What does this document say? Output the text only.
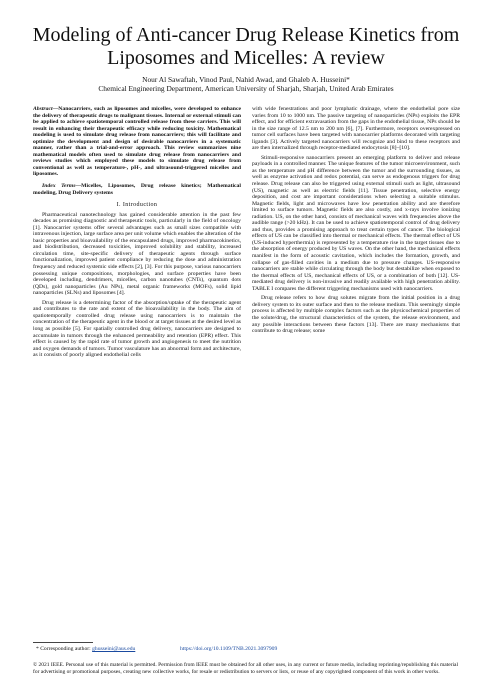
Modeling of Anti-cancer Drug Release Kinetics from Liposomes and Micelles: A review
Nour Al Sawaftah, Vinod Paul, Nahid Awad, and Ghaleb A. Husseini*
Chemical Engineering Department, American University of Sharjah, Sharjah, United Arab Emirates

Abstract—Nanocarriers, such as liposomes and micelles, were developed to enhance the delivery of therapeutic drugs to malignant tissues. Internal or external stimuli can be applied to achieve spatiotemporal controlled release from these carriers. This will result in enhancing their therapeutic efficacy while reducing toxicity. Mathematical modeling is used to simulate drug release from nanocarriers; this will facilitate and optimize the development and design of desirable nanocarriers in a systematic manner, rather than a trial-and-error approach. This review summarizes nine mathematical models often used to simulate drug release from nanocarriers and reviews studies which employed these models to simulate drug release from conventional as well as temperature-, pH-, and ultrasound-triggered micelles and liposomes.

Index Terms—Micelles, Liposomes, Drug release kinetics; Mathematical modeling, Drug Delivery systems

I. Introduction

Pharmaceutical nanotechnology has gained considerable attention in the past few decades as promising diagnostic and therapeutic tools, particularly in the field of oncology [1]. Nanocarrier systems offer several advantages such as small sizes compatible with intravenous injection, large surface area per unit volume which enables the alteration of the basic properties and bioavailability of the encapsulated drugs, improved pharmacokinetics, and biodistribution, decreased toxicities, improved solubility and stability, increased circulation time, site-specific delivery of therapeutic agents through surface functionalization, improved patient compliance by reducing the dose and administration frequency and reduced systemic side effects [2], [3]. For this purpose, various nanocarriers possessing unique compositions, morphologies, and surface properties have been developed including, dendrimers, micelles, carbon nanotubes (CNTs), quantum dots (QDs), gold nanoparticles (Au NPs), metal organic frameworks (MOFs), solid lipid nanoparticles (SLNs) and liposomes [4].

Drug release is a determining factor of the absorption/uptake of the therapeutic agent and contributes to the rate and extent of the bioavailability in the body. The aim of spatiotemporally controlled drug release using nanocarriers is to maintain the concentration of the therapeutic agent in the blood or at target tissues at the desired level as long as possible [5]. For spatially controlled drug delivery, nanocarriers are designed to accumulate in tumors through the enhanced permeability and retention (EPR) effect. This effect is caused by the rapid rate of tumor growth and angiogenesis to meet the nutrition and oxygen demands of tumors. Tumor vasculature has an abnormal form and architecture, as it consists of poorly aligned endothelial cells

with wide fenestrations and poor lymphatic drainage, where the endothelial pore size varies from 10 to 1000 nm. The passive targeting of nanoparticles (NPs) exploits the EPR effect, and for efficient extravasation from the gaps in the endothelial tissue, NPs should be in the size range of 12.5 nm to 200 nm [6], [7]. Furthermore, receptors overexpressed on tumor cell surfaces have been targeted with nanocarrier platforms decorated with targeting ligands [3]. Actively targeted nanocarriers will recognize and bind to these receptors and are then internalized through receptor-mediated endocytosis [8]–[10].

Stimuli-responsive nanocarriers present an emerging platform to deliver and release payloads in a controlled manner. The unique features of the tumor microenvironment, such as the temperature and pH difference between the tumor and the surrounding tissues, as well as enzyme activation and redox potential, can serve as endogenous triggers for drug release. Drug release can also be triggered using external stimuli such as light, ultrasound (US), magnetic as well as electric fields [11]. Tissue penetration, selective energy deposition, and cost are important considerations when selecting a suitable stimulus. Magnetic fields, light and microwaves have low penetration ability and are therefore limited to surface tumors. Magnetic fields are also costly, and x-rays involve ionizing radiation. US, on the other hand, consists of mechanical waves with frequencies above the audible range (>20 kHz). It can be used to achieve spatiotemporal control of drug delivery and thus, provides a promising approach to treat certain types of cancer. The biological effects of US can be classified into thermal or mechanical effects. The thermal effect of US (US-induced hyperthermia) is represented by a temperature rise in the target tissues due to the absorption of energy produced by US waves. On the other hand, the mechanical effects manifest in the form of acoustic cavitation, which includes the formation, growth, and collapse of gas-filled cavities in a medium due to pressure changes. US-responsive nanocarriers are stable while circulating through the body but destabilize when exposed to the thermal effects of US, mechanical effects of US, or a combination of both [12]. US-mediated drug delivery is non-invasive and readily available with high penetration ability. TABLE I compares the different triggering mechanisms used with nanocarriers.

Drug release refers to how drug solutes migrate from the initial position in a drug delivery system to its outer surface and then to the release medium. This seemingly simple process is affected by multiple complex factors such as the physicochemical properties of the solute/drug, the structural characteristics of the system, the release environment, and any possible interactions between these factors [13]. There are many mechanisms that contribute to drug release; some

* Corresponding author: ghusseini@aus.edu	https://doi.org/10.1109/TNB.2021.3097909
© 2021 IEEE. Personal use of this material is permitted. Permission from IEEE must be obtained for all other uses, in any current or future media, including reprinting/republishing this material for advertising or promotional purposes, creating new collective works, for resale or redistribution to servers or lists, or reuse of any copyrighted component of this work in other works.
